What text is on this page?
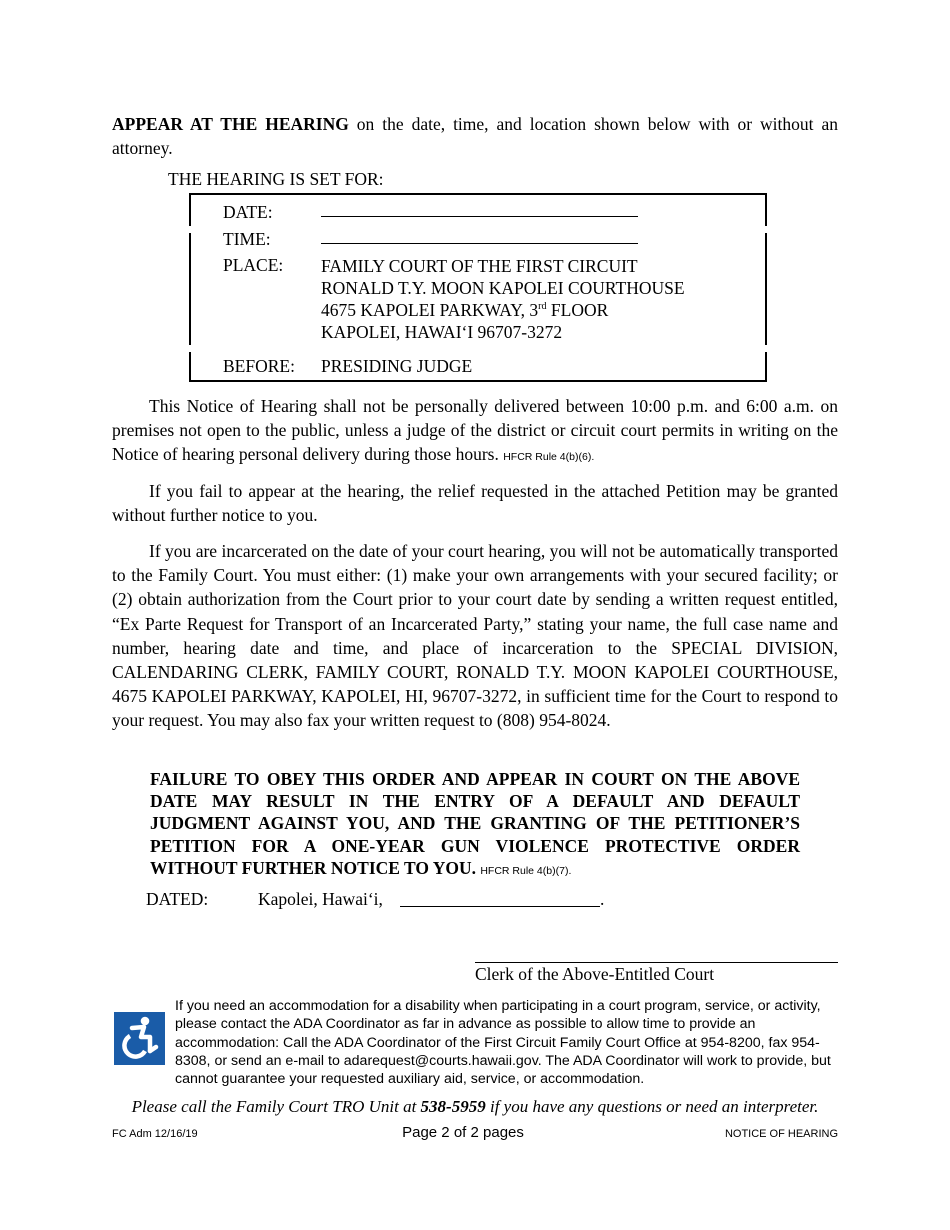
APPEAR AT THE HEARING on the date, time, and location shown below with or without an attorney.

THE HEARING IS SET FOR:
DATE:
TIME:
PLACE: FAMILY COURT OF THE FIRST CIRCUIT
RONALD T.Y. MOON KAPOLEI COURTHOUSE
4675 KAPOLEI PARKWAY, 3rd FLOOR
KAPOLEI, HAWAI‘I 96707-3272
BEFORE: PRESIDING JUDGE

This Notice of Hearing shall not be personally delivered between 10:00 p.m. and 6:00 a.m. on premises not open to the public, unless a judge of the district or circuit court permits in writing on the Notice of hearing personal delivery during those hours. HFCR Rule 4(b)(6).

If you fail to appear at the hearing, the relief requested in the attached Petition may be granted without further notice to you.

If you are incarcerated on the date of your court hearing, you will not be automatically transported to the Family Court. You must either: (1) make your own arrangements with your secured facility; or (2) obtain authorization from the Court prior to your court date by sending a written request entitled, “Ex Parte Request for Transport of an Incarcerated Party,” stating your name, the full case name and number, hearing date and time, and place of incarceration to the SPECIAL DIVISION, CALENDARING CLERK, FAMILY COURT, RONALD T.Y. MOON KAPOLEI COURTHOUSE, 4675 KAPOLEI PARKWAY, KAPOLEI, HI, 96707-3272, in sufficient time for the Court to respond to your request. You may also fax your written request to (808) 954-8024.

FAILURE TO OBEY THIS ORDER AND APPEAR IN COURT ON THE ABOVE DATE MAY RESULT IN THE ENTRY OF A DEFAULT AND DEFAULT JUDGMENT AGAINST YOU, AND THE GRANTING OF THE PETITIONER’S PETITION FOR A ONE-YEAR GUN VIOLENCE PROTECTIVE ORDER WITHOUT FURTHER NOTICE TO YOU. HFCR Rule 4(b)(7).

DATED:	Kapolei, Hawai‘i,	.
Clerk of the Above-Entitled Court

If you need an accommodation for a disability when participating in a court program, service, or activity, please contact the ADA Coordinator as far in advance as possible to allow time to provide an accommodation: Call the ADA Coordinator of the First Circuit Family Court Office at 954-8200, fax 954-8308, or send an e-mail to adarequest@courts.hawaii.gov. The ADA Coordinator will work to provide, but cannot guarantee your requested auxiliary aid, service, or accommodation.

Please call the Family Court TRO Unit at 538-5959 if you have any questions or need an interpreter.
FC Adm 12/16/19	Page 2 of 2 pages	NOTICE OF HEARING
